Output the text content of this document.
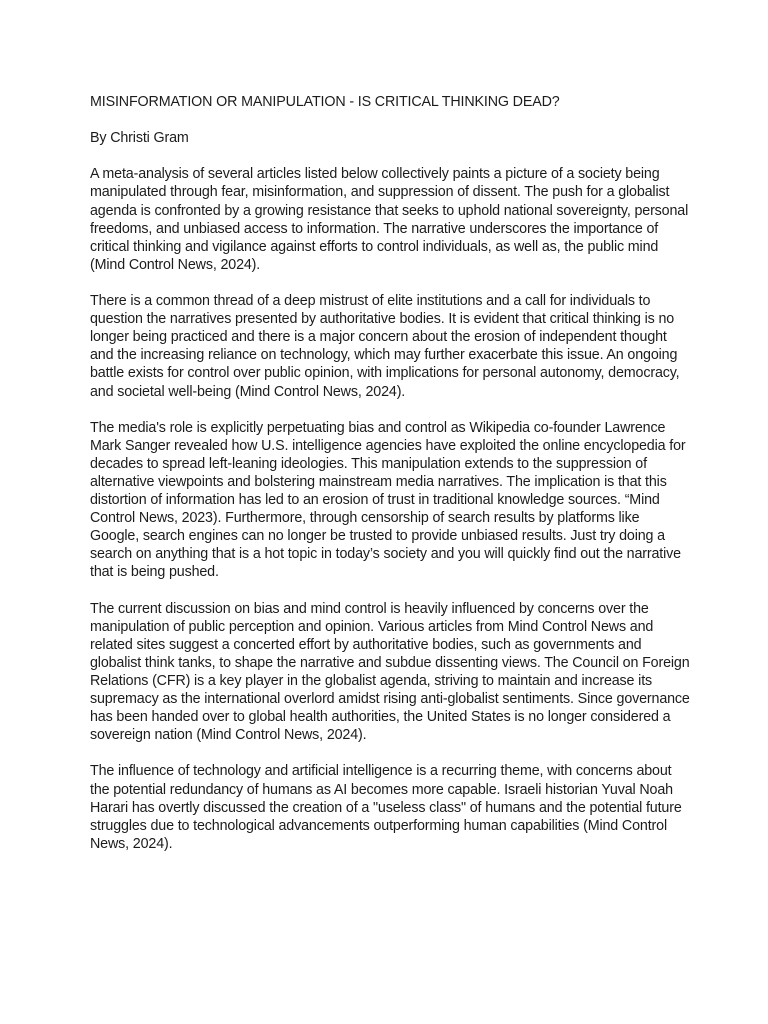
MISINFORMATION OR MANIPULATION - IS CRITICAL THINKING DEAD?

By Christi Gram

A meta-analysis of several articles listed below collectively paints a picture of a society being manipulated through fear, misinformation, and suppression of dissent. The push for a globalist agenda is confronted by a growing resistance that seeks to uphold national sovereignty, personal freedoms, and unbiased access to information. The narrative underscores the importance of critical thinking and vigilance against efforts to control individuals, as well as, the public mind (Mind Control News, 2024).

There is a common thread of a deep mistrust of elite institutions and a call for individuals to question the narratives presented by authoritative bodies. It is evident that critical thinking is no longer being practiced and there is a major concern about the erosion of independent thought and the increasing reliance on technology, which may further exacerbate this issue. An ongoing battle exists for control over public opinion, with implications for personal autonomy, democracy, and societal well-being (Mind Control News, 2024).

The media's role is explicitly perpetuating bias and control as Wikipedia co-founder Lawrence Mark Sanger revealed how U.S. intelligence agencies have exploited the online encyclopedia for decades to spread left-leaning ideologies. This manipulation extends to the suppression of alternative viewpoints and bolstering mainstream media narratives. The implication is that this distortion of information has led to an erosion of trust in traditional knowledge sources. “Mind Control News, 2023). Furthermore, through censorship of search results by platforms like Google, search engines can no longer be trusted to provide unbiased results. Just try doing a search on anything that is a hot topic in today’s society and you will quickly find out the narrative that is being pushed.

The current discussion on bias and mind control is heavily influenced by concerns over the manipulation of public perception and opinion. Various articles from Mind Control News and related sites suggest a concerted effort by authoritative bodies, such as governments and globalist think tanks, to shape the narrative and subdue dissenting views. The Council on Foreign Relations (CFR) is a key player in the globalist agenda, striving to maintain and increase its supremacy as the international overlord amidst rising anti-globalist sentiments. Since governance has been handed over to global health authorities, the United States is no longer considered a sovereign nation (Mind Control News, 2024).

The influence of technology and artificial intelligence is a recurring theme, with concerns about the potential redundancy of humans as AI becomes more capable. Israeli historian Yuval Noah Harari has overtly discussed the creation of a "useless class" of humans and the potential future struggles due to technological advancements outperforming human capabilities (Mind Control News, 2024).
